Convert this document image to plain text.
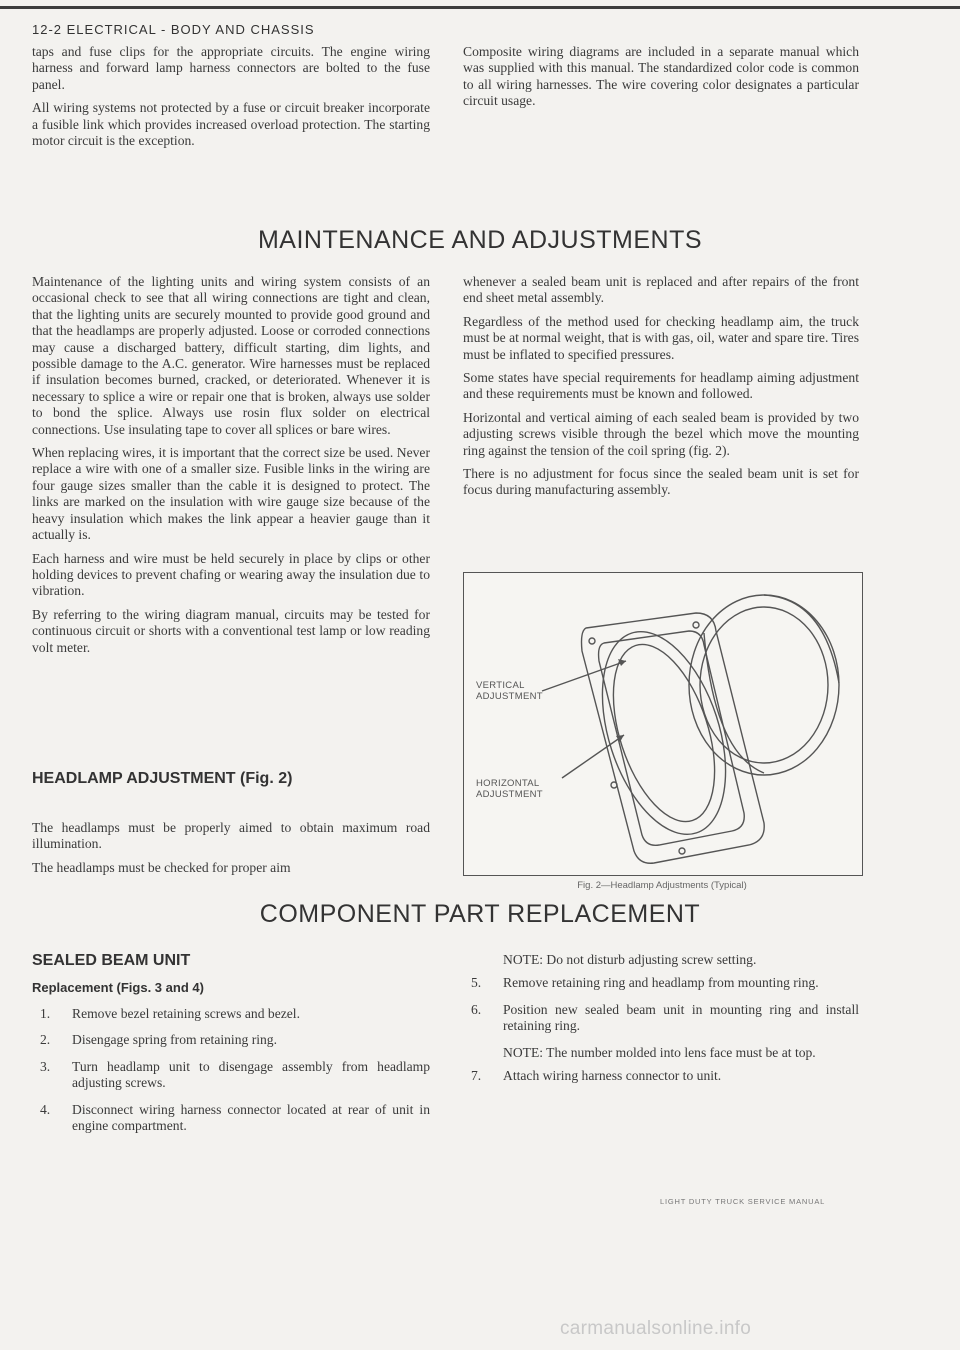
12-2 ELECTRICAL - BODY AND CHASSIS

taps and fuse clips for the appropriate circuits. The engine wiring harness and forward lamp harness connectors are bolted to the fuse panel.

All wiring systems not protected by a fuse or circuit breaker incorporate a fusible link which provides increased overload protection. The starting motor circuit is the exception.

Composite wiring diagrams are included in a separate manual which was supplied with this manual. The standardized color code is common to all wiring harnesses. The wire covering color designates a particular circuit usage.

MAINTENANCE AND ADJUSTMENTS

Maintenance of the lighting units and wiring system consists of an occasional check to see that all wiring connections are tight and clean, that the lighting units are securely mounted to provide good ground and that the headlamps are properly adjusted. Loose or corroded connections may cause a discharged battery, difficult starting, dim lights, and possible damage to the A.C. generator. Wire harnesses must be replaced if insulation becomes burned, cracked, or deteriorated. Whenever it is necessary to splice a wire or repair one that is broken, always use solder to bond the splice. Always use rosin flux solder on electrical connections. Use insulating tape to cover all splices or bare wires.

When replacing wires, it is important that the correct size be used. Never replace a wire with one of a smaller size. Fusible links in the wiring are four gauge sizes smaller than the cable it is designed to protect. The links are marked on the insulation with wire gauge size because of the heavy insulation which makes the link appear a heavier gauge than it actually is.

Each harness and wire must be held securely in place by clips or other holding devices to prevent chafing or wearing away the insulation due to vibration.

By referring to the wiring diagram manual, circuits may be tested for continuous circuit or shorts with a conventional test lamp or low reading volt meter.

HEADLAMP ADJUSTMENT (Fig. 2)

The headlamps must be properly aimed to obtain maximum road illumination.

The headlamps must be checked for proper aim

whenever a sealed beam unit is replaced and after repairs of the front end sheet metal assembly.

Regardless of the method used for checking headlamp aim, the truck must be at normal weight, that is with gas, oil, water and spare tire. Tires must be inflated to specified pressures.

Some states have special requirements for headlamp aiming adjustment and these requirements must be known and followed.

Horizontal and vertical aiming of each sealed beam is provided by two adjusting screws visible through the bezel which move the mounting ring against the tension of the coil spring (fig. 2).

There is no adjustment for focus since the sealed beam unit is set for focus during manufacturing assembly.

VERTICAL
ADJUSTMENT
HORIZONTAL
ADJUSTMENT
Fig. 2—Headlamp Adjustments (Typical)
COMPONENT PART REPLACEMENT
SEALED BEAM UNIT
Replacement (Figs. 3 and 4)
1. Remove bezel retaining screws and bezel.
2. Disengage spring from retaining ring.
3. Turn headlamp unit to disengage assembly from headlamp adjusting screws.
4. Disconnect wiring harness connector located at rear of unit in engine compartment.

NOTE: Do not disturb adjusting screw setting.

5. Remove retaining ring and headlamp from mounting ring.
6. Position new sealed beam unit in mounting ring and install retaining ring.

NOTE: The number molded into lens face must be at top.

7. Attach wiring harness connector to unit.
LIGHT DUTY TRUCK SERVICE MANUAL
carmanualsonline.info
